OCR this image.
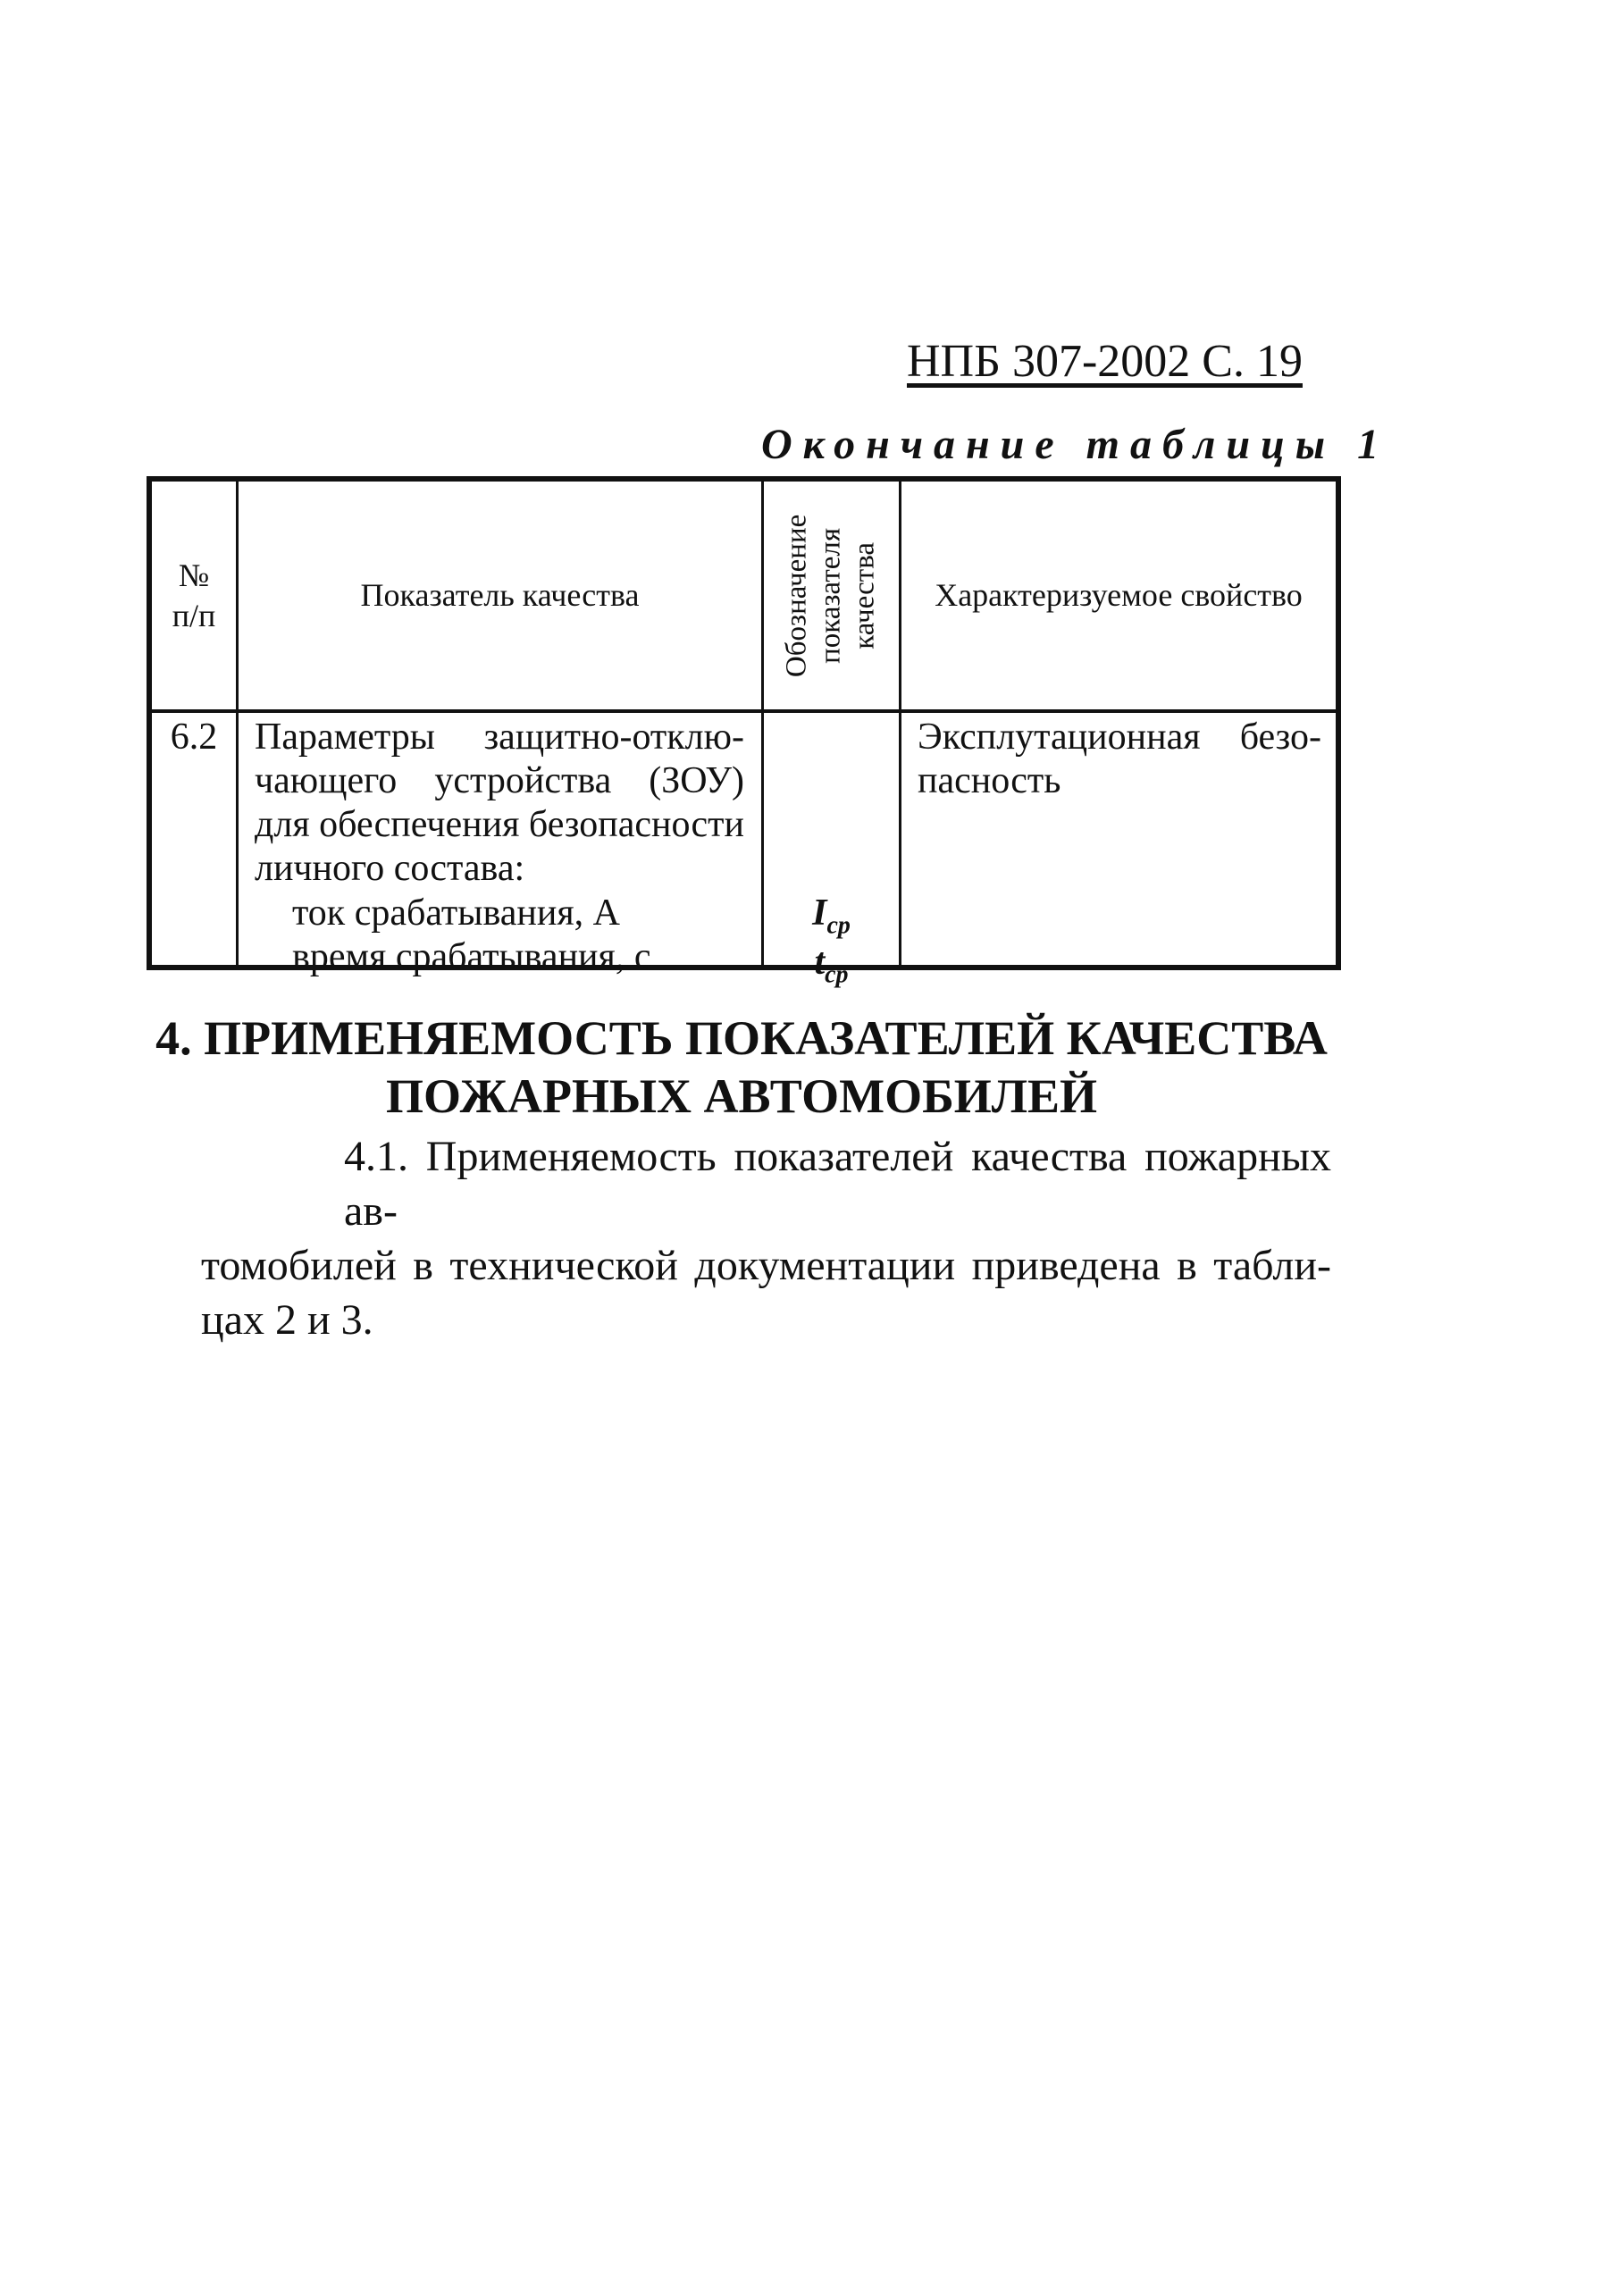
НПБ 307-2002 С. 19
Окончание таблицы 1
№
п/п
Показатель качества	Обозначение показателя качества Характеризуемое свойство
6.2 Параметры защитно-отклю-
чающего устройства (ЗОУ)
для обеспечения безопасности
личного состава:
ток срабатывания, А
время срабатывания, с

$I_{ср}$
$t_{ср}$
Эксплутационная безо-
пасность
4. ПРИМЕНЯЕМОСТЬ ПОКАЗАТЕЛЕЙ КАЧЕСТВА
ПОЖАРНЫХ АВТОМОБИЛЕЙ
4.1. Применяемость показателей качества пожарных ав-
томобилей в технической документации приведена в табли-
цах 2 и 3.
